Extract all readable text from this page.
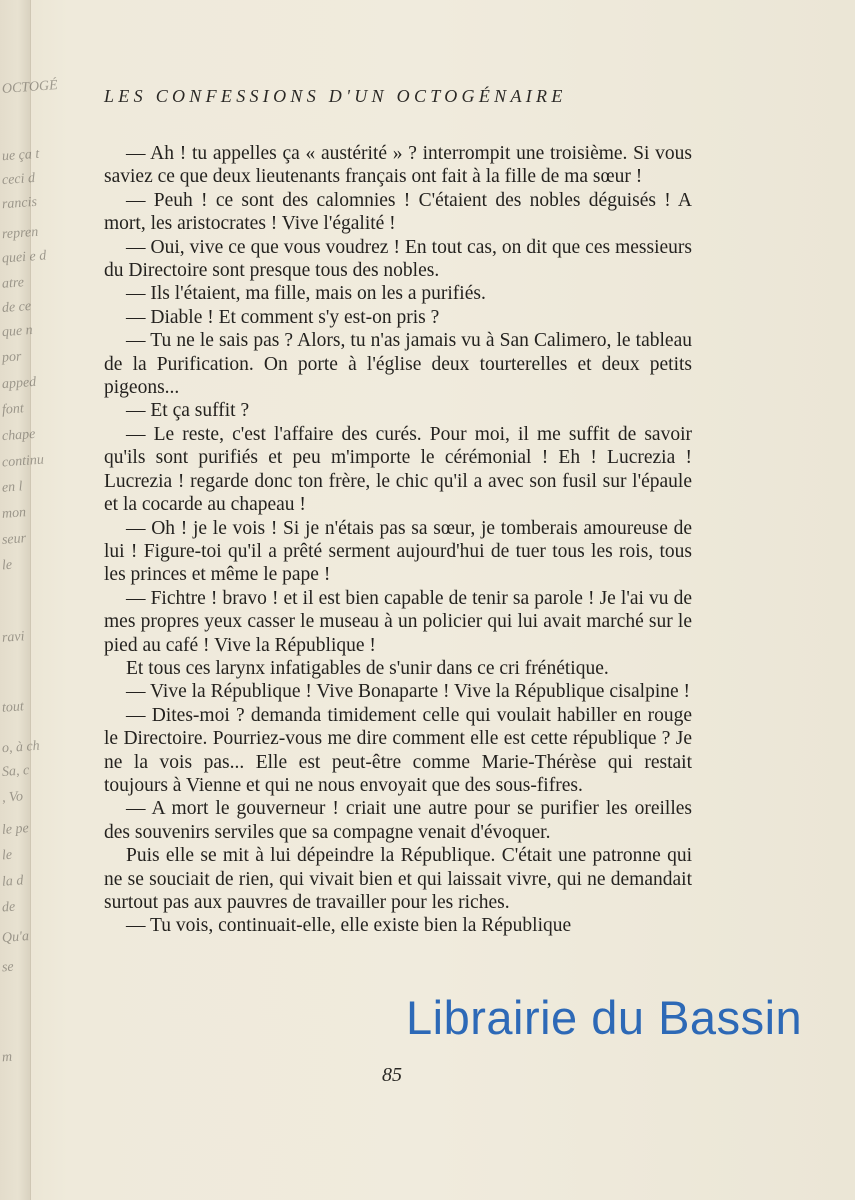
OCTOGÉ
ue ça t
ceci d
rancis
repren
quei e d
atre
de ce
que n
por
apped
font
chape
continu
en l
mon
seur
le
ravi
tout
o, à ch
Sa, c
, Vo
le pe
le
la d
de
Qu'a
se
m
LES CONFESSIONS D'UN OCTOGÉNAIRE

— Ah ! tu appelles ça « austérité » ? interrompit une troisième. Si vous saviez ce que deux lieutenants français ont fait à la fille de ma sœur !

— Peuh ! ce sont des calomnies ! C'étaient des nobles déguisés ! A mort, les aristocrates ! Vive l'égalité !

— Oui, vive ce que vous voudrez ! En tout cas, on dit que ces messieurs du Directoire sont presque tous des nobles.

— Ils l'étaient, ma fille, mais on les a purifiés.

— Diable ! Et comment s'y est-on pris ?

— Tu ne le sais pas ? Alors, tu n'as jamais vu à San Calimero, le tableau de la Purification. On porte à l'église deux tourterelles et deux petits pigeons...

— Et ça suffit ?

— Le reste, c'est l'affaire des curés. Pour moi, il me suffit de savoir qu'ils sont purifiés et peu m'importe le cérémonial ! Eh ! Lucrezia ! Lucrezia ! regarde donc ton frère, le chic qu'il a avec son fusil sur l'épaule et la cocarde au chapeau !

— Oh ! je le vois ! Si je n'étais pas sa sœur, je tomberais amoureuse de lui ! Figure-toi qu'il a prêté serment aujourd'hui de tuer tous les rois, tous les princes et même le pape !

— Fichtre ! bravo ! et il est bien capable de tenir sa parole ! Je l'ai vu de mes propres yeux casser le museau à un policier qui lui avait marché sur le pied au café ! Vive la République !

Et tous ces larynx infatigables de s'unir dans ce cri frénétique.

— Vive la République ! Vive Bonaparte ! Vive la République cisalpine !

— Dites-moi ? demanda timidement celle qui voulait habiller en rouge le Directoire. Pourriez-vous me dire comment elle est cette république ? Je ne la vois pas... Elle est peut-être comme Marie-Thérèse qui restait toujours à Vienne et qui ne nous envoyait que des sous-fifres.

— A mort le gouverneur ! criait une autre pour se purifier les oreilles des souvenirs serviles que sa compagne venait d'évoquer.

Puis elle se mit à lui dépeindre la République. C'était une patronne qui ne se souciait de rien, qui vivait bien et qui laissait vivre, qui ne demandait surtout pas aux pauvres de travailler pour les riches.

— Tu vois, continuait-elle, elle existe bien la République

Librairie du Bassin
85
